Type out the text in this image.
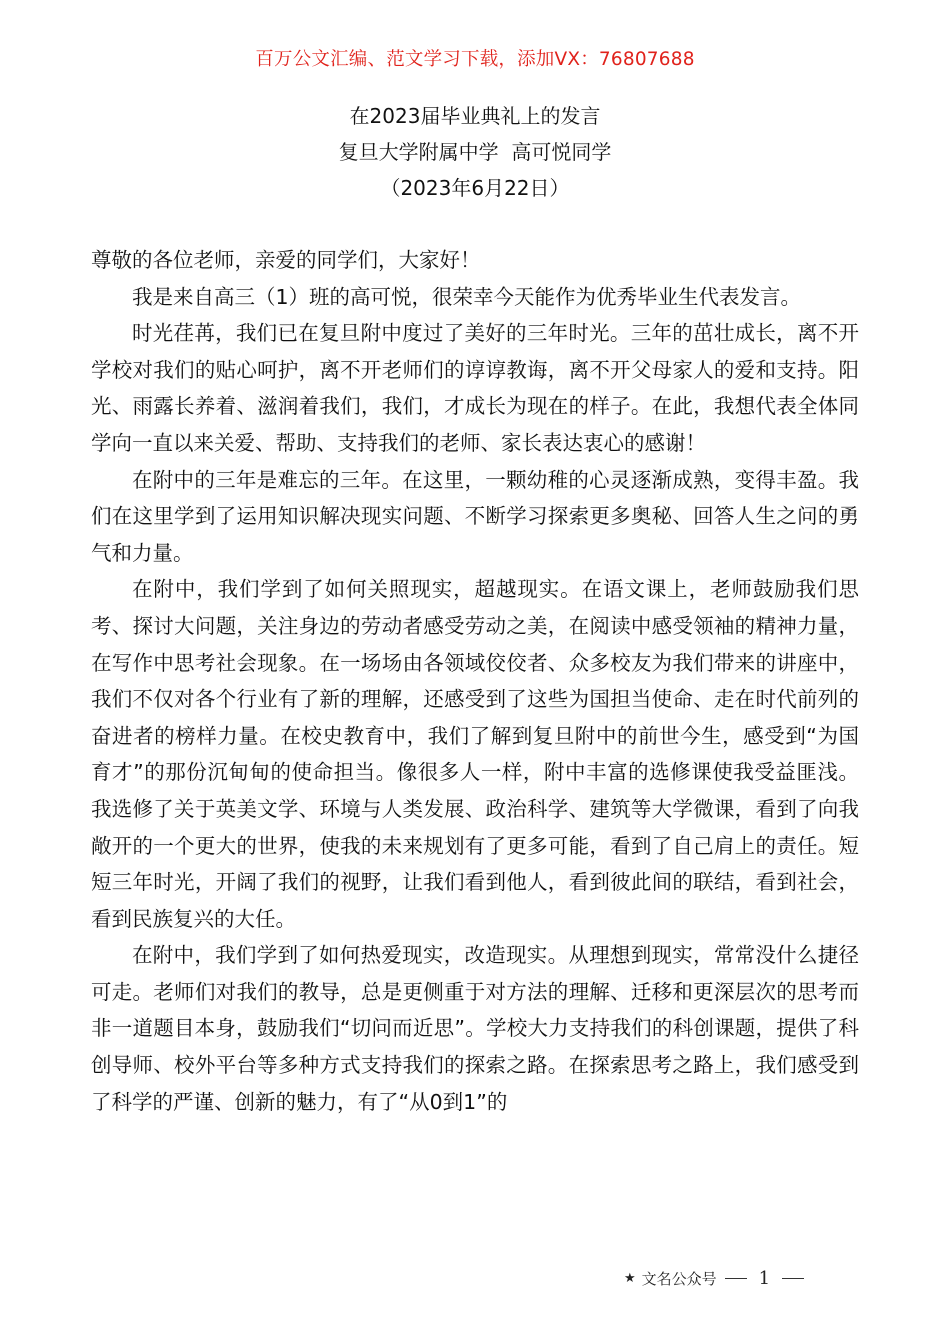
百万公文汇编、范文学习下载，添加VX：76807688
在2023届毕业典礼上的发言
复旦大学附属中学  高可悦同学
（2023年6月22日）

尊敬的各位老师，亲爱的同学们，大家好！

我是来自高三（1）班的高可悦，很荣幸今天能作为优秀毕业生代表发言。

时光荏苒，我们已在复旦附中度过了美好的三年时光。三年的茁壮成长，离不开学校对我们的贴心呵护，离不开老师们的谆谆教诲，离不开父母家人的爱和支持。阳光、雨露长养着、滋润着我们，我们，才成长为现在的样子。在此，我想代表全体同学向一直以来关爱、帮助、支持我们的老师、家长表达衷心的感谢！

在附中的三年是难忘的三年。在这里，一颗幼稚的心灵逐渐成熟，变得丰盈。我们在这里学到了运用知识解决现实问题、不断学习探索更多奥秘、回答人生之问的勇气和力量。

在附中，我们学到了如何关照现实，超越现实。在语文课上，老师鼓励我们思考、探讨大问题，关注身边的劳动者感受劳动之美，在阅读中感受领袖的精神力量，在写作中思考社会现象。在一场场由各领域佼佼者、众多校友为我们带来的讲座中，我们不仅对各个行业有了新的理解，还感受到了这些为国担当使命、走在时代前列的奋进者的榜样力量。在校史教育中，我们了解到复旦附中的前世今生，感受到“为国育才”的那份沉甸甸的使命担当。像很多人一样，附中丰富的选修课使我受益匪浅。我选修了关于英美文学、环境与人类发展、政治科学、建筑等大学微课，看到了向我敞开的一个更大的世界，使我的未来规划有了更多可能，看到了自己肩上的责任。短短三年时光，开阔了我们的视野，让我们看到他人，看到彼此间的联结，看到社会，看到民族复兴的大任。

在附中，我们学到了如何热爱现实，改造现实。从理想到现实，常常没什么捷径可走。老师们对我们的教导，总是更侧重于对方法的理解、迁移和更深层次的思考而非一道题目本身，鼓励我们“切问而近思”。学校大力支持我们的科创课题，提供了科创导师、校外平台等多种方式支持我们的探索之路。在探索思考之路上，我们感受到了科学的严谨、创新的魅力，有了“从0到1”的

★ 文名公众号 1
